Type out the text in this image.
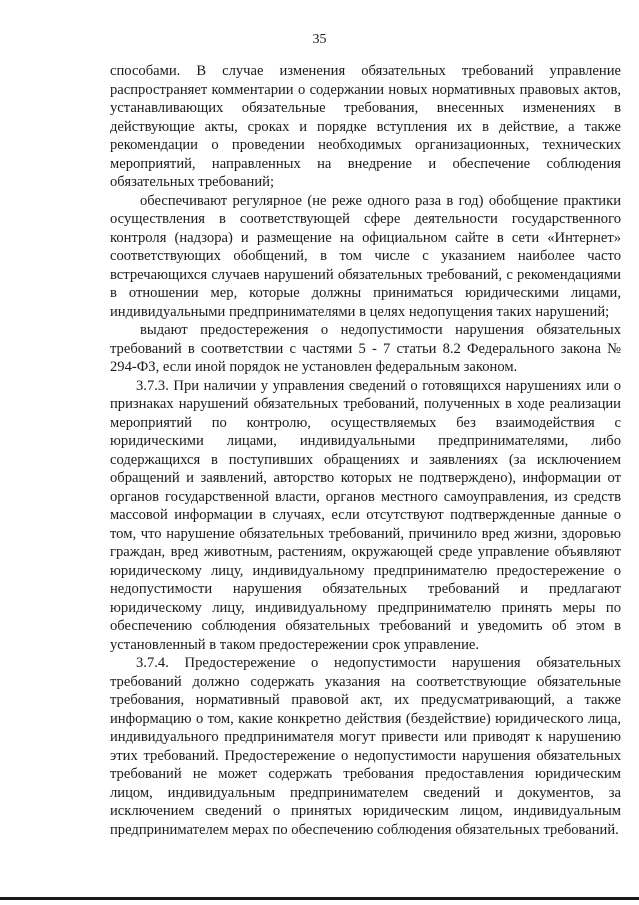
35

способами. В случае изменения обязательных требований управление распространяет комментарии о содержании новых нормативных правовых актов, устанавливающих обязательные требования, внесенных изменениях в действующие акты, сроках и порядке вступления их в действие, а также рекомендации о проведении необходимых организационных, технических мероприятий, направленных на внедрение и обеспечение соблюдения обязательных требований;

обеспечивают регулярное (не реже одного раза в год) обобщение практики осуществления в соответствующей сфере деятельности государственного контроля (надзора) и размещение на официальном сайте в сети «Интернет» соответствующих обобщений, в том числе с указанием наиболее часто встречающихся случаев нарушений обязательных требований, с рекомендациями в отношении мер, которые должны приниматься юридическими лицами, индивидуальными предпринимателями в целях недопущения таких нарушений;

выдают предостережения о недопустимости нарушения обязательных требований в соответствии с частями 5 - 7 статьи 8.2 Федерального закона № 294-ФЗ, если иной порядок не установлен федеральным законом.

3.7.3. При наличии у управления сведений о готовящихся нарушениях или о признаках нарушений обязательных требований, полученных в ходе реализации мероприятий по контролю, осуществляемых без взаимодействия с юридическими лицами, индивидуальными предпринимателями, либо содержащихся в поступивших обращениях и заявлениях (за исключением обращений и заявлений, авторство которых не подтверждено), информации от органов государственной власти, органов местного самоуправления, из средств массовой информации в случаях, если отсутствуют подтвержденные данные о том, что нарушение обязательных требований, причинило вред жизни, здоровью граждан, вред животным, растениям, окружающей среде управление объявляют юридическому лицу, индивидуальному предпринимателю предостережение о недопустимости нарушения обязательных требований и предлагают юридическому лицу, индивидуальному предпринимателю принять меры по обеспечению соблюдения обязательных требований и уведомить об этом в установленный в таком предостережении срок управление.

3.7.4. Предостережение о недопустимости нарушения обязательных требований должно содержать указания на соответствующие обязательные требования, нормативный правовой акт, их предусматривающий, а также информацию о том, какие конкретно действия (бездействие) юридического лица, индивидуального предпринимателя могут привести или приводят к нарушению этих требований. Предостережение о недопустимости нарушения обязательных требований не может содержать требования предоставления юридическим лицом, индивидуальным предпринимателем сведений и документов, за исключением сведений о принятых юридическим лицом, индивидуальным предпринимателем мерах по обеспечению соблюдения обязательных требований.
